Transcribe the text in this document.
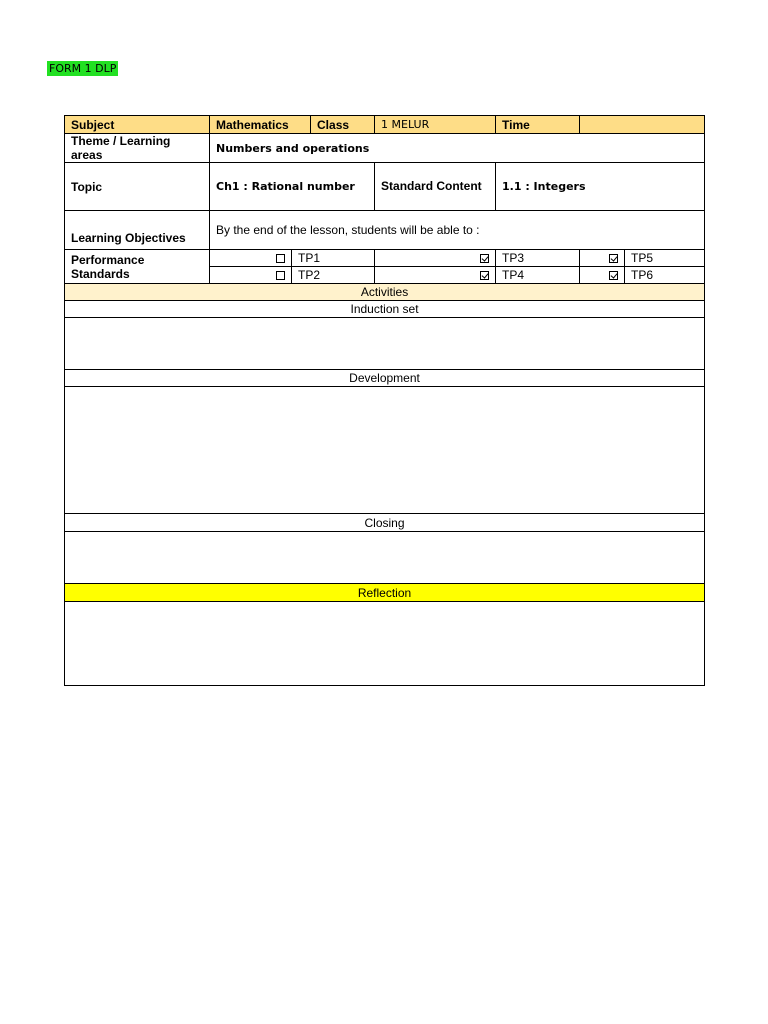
FORM 1 DLP
Subject	Mathematics		Class	1 MELUR	Time		
Theme / Learning areas	Numbers and operations						
Topic	Ch1 : Rational number			Standard Content	1.1 : Integers		
Learning Objectives	By the end of the lesson, students will be able to :						
Performance Standards		TP1			TP3		TP5
		TP2			TP4		TP6
Activities							
Induction set							

Development							

Closing							

Reflection							
